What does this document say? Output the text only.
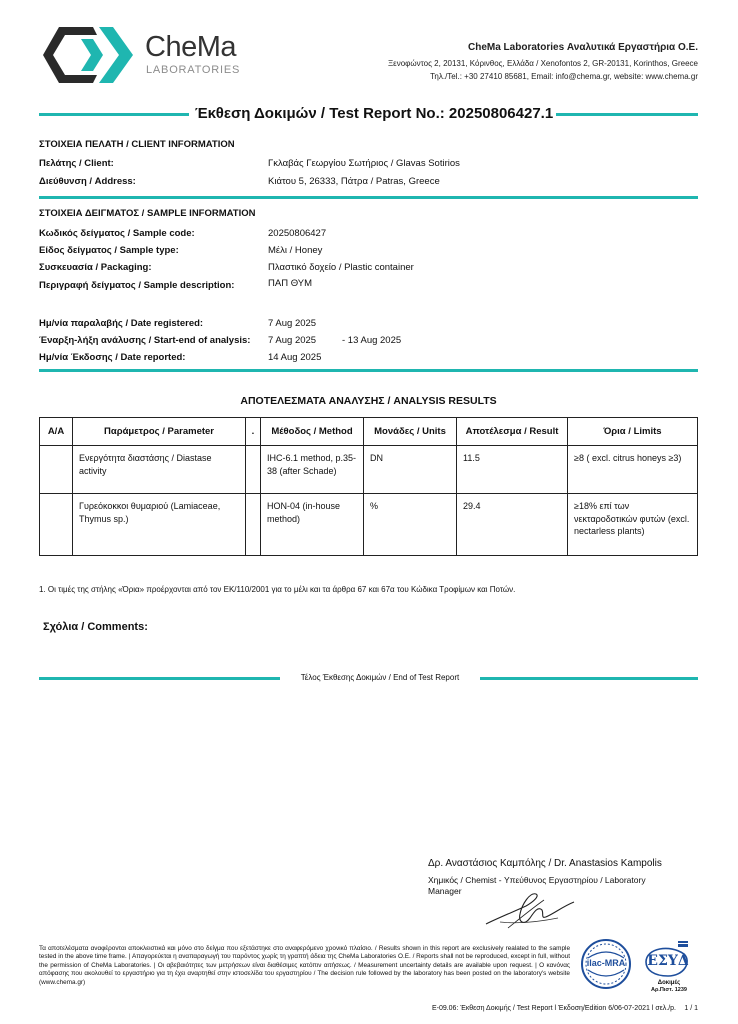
CheMa
LABORATORIES
CheMa Laboratories Αναλυτικά Εργαστήρια Ο.Ε.
Ξενοφώντος 2, 20131, Κόρινθος, Ελλάδα / Xenofontos 2, GR-20131, Korinthos, Greece
Τηλ./Tel.: +30 27410 85681, Email: info@chema.gr, website: www.chema.gr
Έκθεση Δοκιμών / Test Report No.: 20250806427.1
ΣΤΟΙΧΕΙΑ ΠΕΛΑΤΗ / CLIENT INFORMATION
Πελάτης / Client:	Γκλαβάς Γεωργίου Σωτήριος / Glavas Sotirios
Διεύθυνση / Address:	Κιάτου 5, 26333, Πάτρα / Patras, Greece
ΣΤΟΙΧΕΙΑ ΔΕΙΓΜΑΤΟΣ / SAMPLE INFORMATION
Κωδικός δείγματος / Sample code:	20250806427
Είδος δείγματος / Sample type:	Μέλι / Honey
Συσκευασία / Packaging:	Πλαστικό δοχείο / Plastic container
Περιγραφή δείγματος / Sample description:	ΠΑΠ ΘΥΜ
Ημ/νία παραλαβής / Date registered:	7 Aug 2025
Έναρξη-λήξη ανάλυσης / Start-end of analysis: 7 Aug 2025	- 13 Aug 2025
Ημ/νία Έκδοσης / Date reported:	14 Aug 2025
ΑΠΟΤΕΛΕΣΜΑΤΑ ΑΝΑΛΥΣΗΣ / ANALYSIS RESULTS
Α/Α	Παράμετρος / Parameter	.	Μέθοδος / Method	Μονάδες / Units	Αποτέλεσμα / Result	Όρια / Limits
	Ενεργότητα διαστάσης / Diastase activity		IHC-6.1 method, p.35-38 (after Schade)	DN	11.5	≥8 ( excl. citrus honeys ≥3)
	Γυρεόκοκκοι θυμαριού (Lamiaceae, Thymus sp.)		HON-04 (in-house method)	%	29.4	≥18% επί των νεκταροδοτικών φυτών (excl. nectarless plants)
1. Οι τιμές της στήλης «Όρια» προέρχονται από τον ΕΚ/110/2001 για το μέλι και τα άρθρα 67 και 67α του Κώδικα Τροφίμων και Ποτών.
Σχόλια / Comments:
Τέλος Έκθεσης Δοκιμών / End of Test Report
Δρ. Αναστάσιος Καμπόλης / Dr. Anastasios Kampolis
Χημικός / Chemist - Υπεύθυνος Εργαστηρίου / Laboratory Manager
Τα αποτελέσματα αναφέρονται αποκλειστικά και μόνο στο δείγμα που εξετάστηκε στο αναφερόμενο χρονικό πλαίσιο. / Results shown in this report are exclusively realated to the sample tested in the above time frame. | Απαγορεύεται η αναπαραγωγή του παρόντος χωρίς τη γραπτή άδεια της CheMa Laboratories O.E. / Reports shall not be reproduced, except in full, without the permission of CheMa Laboratories. | Οι αβεβαιότητες των μετρήσεων είναι διαθέσιμες κατόπιν αιτήσεως. / Measurement uncertainty details are available upon request. | Ο κανόνας απόφασης που ακολουθεί το εργαστήριο για τη έχει αναρτηθεί στην ιστοσελίδα του εργαστηρίου / The decision rule followed by the laboratory has been posted on the laboratory's website (www.chema.gr)
ilac-MRA	ΕΣΥΔ
Δοκιμές
Αρ.Πιστ. 1239
E-09.06: Έκθεση Δοκιμής / Test Report l Έκδοση/Edition 6/06-07-2021 l σελ./p. 1 / 1
